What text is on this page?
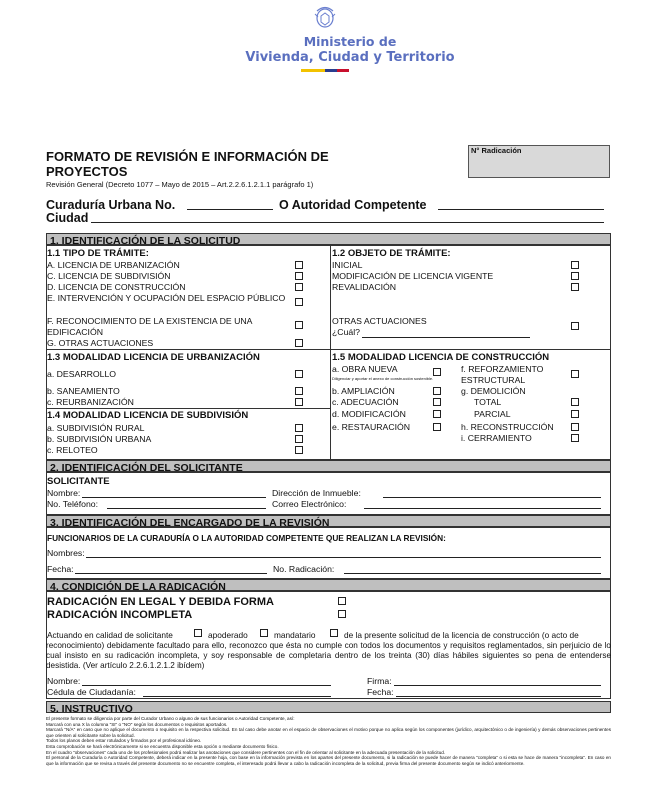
Ministerio de
Vivienda, Ciudad y Territorio
FORMATO DE REVISIÓN E INFORMACIÓN DE
PROYECTOS
Revisión General (Decreto 1077 – Mayo de 2015 – Art.2.2.6.1.2.1.1 parágrafo 1)
N° Radicación
Curaduría Urbana No.	O Autoridad Competente
Ciudad
1. IDENTIFICACIÓN DE LA SOLICITUD
1.1 TIPO DE TRÁMITE:
A. LICENCIA DE URBANIZACIÓN
C. LICENCIA DE SUBDIVISIÓN
D. LICENCIA DE CONSTRUCCIÓN
E. INTERVENCIÓN Y OCUPACIÓN DEL ESPACIO PÚBLICO
F. RECONOCIMIENTO DE LA EXISTENCIA DE UNA EDIFICACIÓN
G. OTRAS ACTUACIONES
1.2 OBJETO DE TRÁMITE:
INICIAL
MODIFICACIÓN DE LICENCIA VIGENTE
REVALIDACIÓN
OTRAS ACTUACIONES
¿Cuál?
1.3 MODALIDAD LICENCIA DE URBANIZACIÓN
a. DESARROLLO
b. SANEAMIENTO
c. REURBANIZACIÓN
1.4 MODALIDAD LICENCIA DE SUBDIVISIÓN
a. SUBDIVISIÓN RURAL
b. SUBDIVISIÓN URBANA
c. RELOTEO
1.5 MODALIDAD LICENCIA DE CONSTRUCCIÓN
a. OBRA NUEVA
Diligenciar y aportar el anexo de construcción sostenible.
b. AMPLIACIÓN
c. ADECUACIÓN
d. MODIFICACIÓN
e. RESTAURACIÓN
f. REFORZAMIENTO ESTRUCTURAL
g. DEMOLICIÓN
TOTAL
PARCIAL
h. RECONSTRUCCIÓN
i. CERRAMIENTO
2. IDENTIFICACIÓN DEL SOLICITANTE
SOLICITANTE
Nombre:	Dirección de Inmueble:
No. Teléfono:	Correo Electrónico:
3. IDENTIFICACIÓN DEL ENCARGADO DE LA REVISIÓN
FUNCIONARIOS DE LA CURADURÍA O LA AUTORIDAD COMPETENTE QUE REALIZAN LA REVISIÓN:
Nombres:
Fecha:	No. Radicación:
4. CONDICIÓN DE LA RADICACIÓN
RADICACIÓN EN LEGAL Y DEBIDA FORMA
RADICACIÓN INCOMPLETA
Actuando en calidad de solicitante	apoderado	mandatario	de la presente solicitud de la licencia de construcción (o acto de
reconocimiento) debidamente facultado para ello, reconozco que ésta no cumple con todos los documentos y requisitos reglamentados, sin perjuicio de lo cual insisto en su radicación incompleta, y soy responsable de completaria dentro de los treinta (30) días hábiles siguientes so pena de entenderse desistida. (Ver artículo 2.2.6.1.2.1.2 ibídem)
Nombre:	Firma:
Cédula de Ciudadanía:	Fecha:
5. INSTRUCTIVO
El presente formato se diligencia por parte del Curador Urbano o alguno de sus funcionarios o Autoridad Competente, así:
Marcará con una X la columna "SI" o "NO" según los documentos o requisitos aportados.
Marcará "N/A" en caso que no aplique el documento o requisito en la respectiva solicitud. En tal caso debe anotar en el espacio de observaciones el motivo porque no aplica según los componentes (jurídico, arquitectónico o de ingeniería) y demás observaciones pertinentes que orienten al solicitante sobre la solicitud.
Todos los planos deben estar rotulados y firmados por el profesional idóneo.
Esta comprobación se hará electrónicamente si se encuentra disponible esta opción o mediante documento físico.
En el cuadro "observaciones" cada uno de los profesionales podrá realizar las anotaciones que considere pertinentes con el fin de orientar al solicitante en la adecuada presentación de la solicitud.
El personal de la Curaduría o Autoridad Competente, deberá indicar en la presente hoja, con base en la información prevista en los apartes del presente documento, si la radicación se puede hacer de manera "completa" o si esta se hace de manera "incompleta". En caso en que la información que se revisa a través del presente documento no se encuentre completa, el interesado podrá llevar a cabo la radicación incompleta de la solicitud, previa firma del presente documento según se indicó anteriormente.
